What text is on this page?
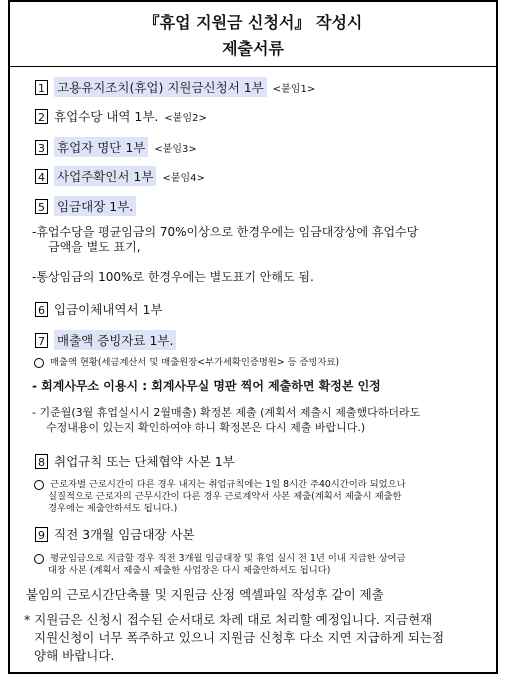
『휴업 지원금 신청서』 작성시
제출서류
1 고용유지조치(휴업) 지원금신청서 1부 <붙임1>
2 휴업수당 내역 1부. <붙임2>
3 휴업자 명단 1부 <붙임3>
4 사업주확인서 1부 <붙임4>
5 임금대장 1부.
-휴업수당을 평균임금의 70%이상으로 한경우에는 임금대장상에 휴업수당
금액을 별도 표기,
-통상임금의 100%로 한경우에는 별도표기 안해도 됨.
6 입금이체내역서 1부
7 매출액 증빙자료 1부.
매출액 현황(세금계산서 및 매출원장<부가세확인증명원> 등 증빙자료)
- 회계사무소 이용시 : 회계사무실 명판 찍어 제출하면 확정본 인정
- 기준월(3월 휴업실시시 2월매출) 확정본 제출 (계획서 제출시 제출했다하더라도
수정내용이 있는지 확인하여야 하니 확정본은 다시 제출 바랍니다.)
8 취업규칙 또는 단체협약 사본 1부
근로자별 근로시간이 다른 경우 내지는 취업규칙에는 1일 8시간 주40시간이라 되었으나
실질적으로 근로자의 근무시간이 다른 경우 근로계약서 사본 제출(계획서 제출시 제출한
경우에는 제출안하셔도 됩니다.)
9 직전 3개월 임금대장 사본
평균임금으로 지급할 경우 직전 3개월 임금대장 및 휴업 실시 전 1년 이내 지급한 상여금
대장 사본 (계획서 제출시 제출한 사업장은 다시 제출안하셔도 됩니다)
붙임의 근로시간단축률 및 지원금 산정 엑셀파일 작성후 같이 제출
* 지원금은 신청시 접수된 순서대로 차례 대로 처리할 예정입니다. 지금현재
지원신청이 너무 폭주하고 있으니 지원금 신청후 다소 지연 지급하게 되는점
양해 바랍니다.
